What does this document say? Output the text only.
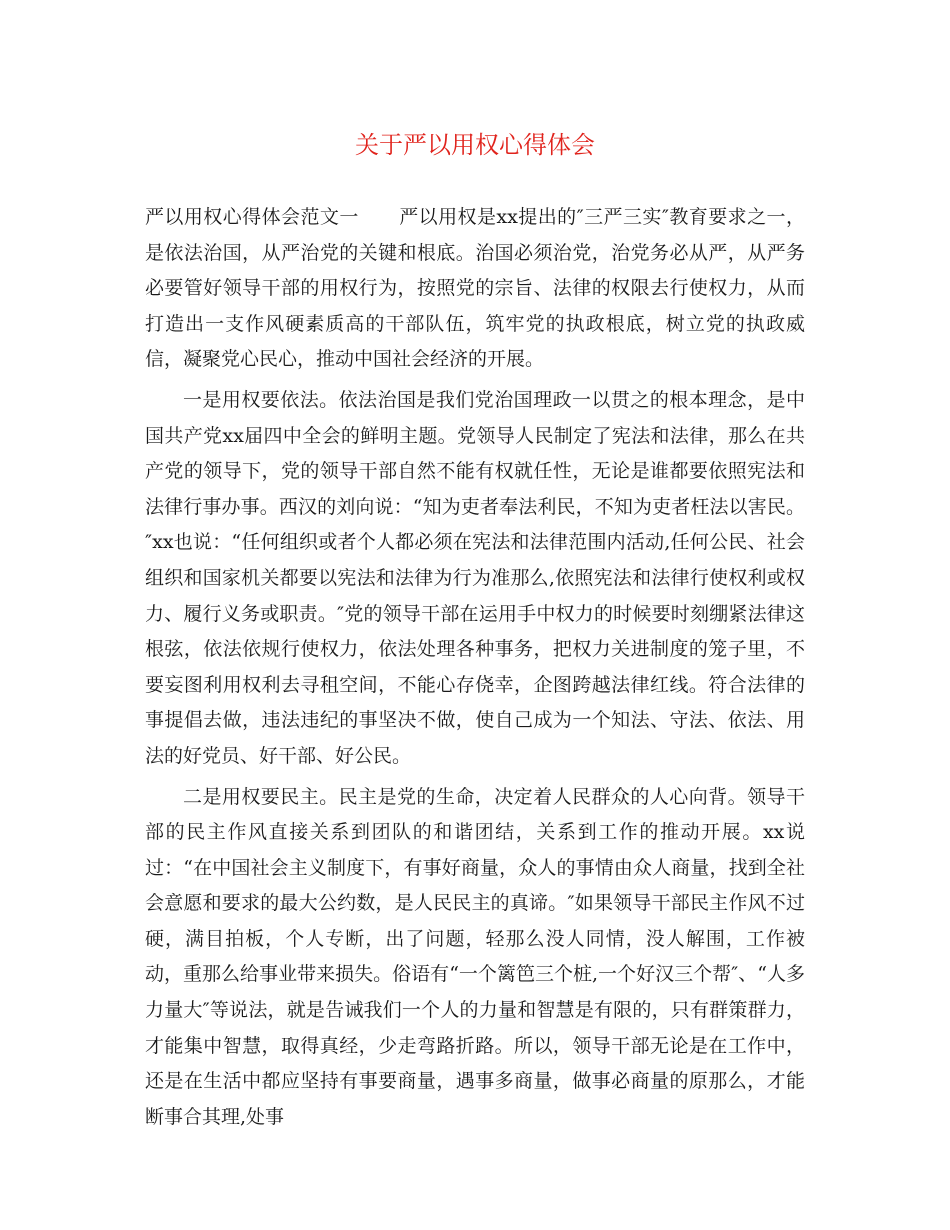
关于严以用权心得体会

严以用权心得体会范文一 严以用权是xx提出的″三严三实″教育要求之一，是依法治国，从严治党的关键和根底。治国必须治党，治党务必从严，从严务必要管好领导干部的用权行为，按照党的宗旨、法律的权限去行使权力，从而打造出一支作风硬素质高的干部队伍，筑牢党的执政根底，树立党的执政威信，凝聚党心民心，推动中国社会经济的开展。

一是用权要依法。依法治国是我们党治国理政一以贯之的根本理念，是中国共产党xx届四中全会的鲜明主题。党领导人民制定了宪法和法律，那么在共产党的领导下，党的领导干部自然不能有权就任性，无论是谁都要依照宪法和法律行事办事。西汉的刘向说：“知为吏者奉法利民，不知为吏者枉法以害民。″xx也说：“任何组织或者个人都必须在宪法和法律范围内活动,任何公民、社会组织和国家机关都要以宪法和法律为行为准那么,依照宪法和法律行使权利或权力、履行义务或职责。″党的领导干部在运用手中权力的时候要时刻绷紧法律这根弦，依法依规行使权力，依法处理各种事务，把权力关进制度的笼子里，不要妄图利用权利去寻租空间，不能心存侥幸，企图跨越法律红线。符合法律的事提倡去做，违法违纪的事坚决不做，使自己成为一个知法、守法、依法、用法的好党员、好干部、好公民。

二是用权要民主。民主是党的生命，决定着人民群众的人心向背。领导干部的民主作风直接关系到团队的和谐团结，关系到工作的推动开展。xx说过：“在中国社会主义制度下，有事好商量，众人的事情由众人商量，找到全社会意愿和要求的最大公约数，是人民民主的真谛。″如果领导干部民主作风不过硬，满目拍板，个人专断，出了问题，轻那么没人同情，没人解围，工作被动，重那么给事业带来损失。俗语有“一个篱笆三个桩,一个好汉三个帮″、“人多力量大″等说法，就是告诫我们一个人的力量和智慧是有限的，只有群策群力，才能集中智慧，取得真经，少走弯路折路。所以，领导干部无论是在工作中，还是在生活中都应坚持有事要商量，遇事多商量，做事必商量的原那么，才能断事合其理,处事
